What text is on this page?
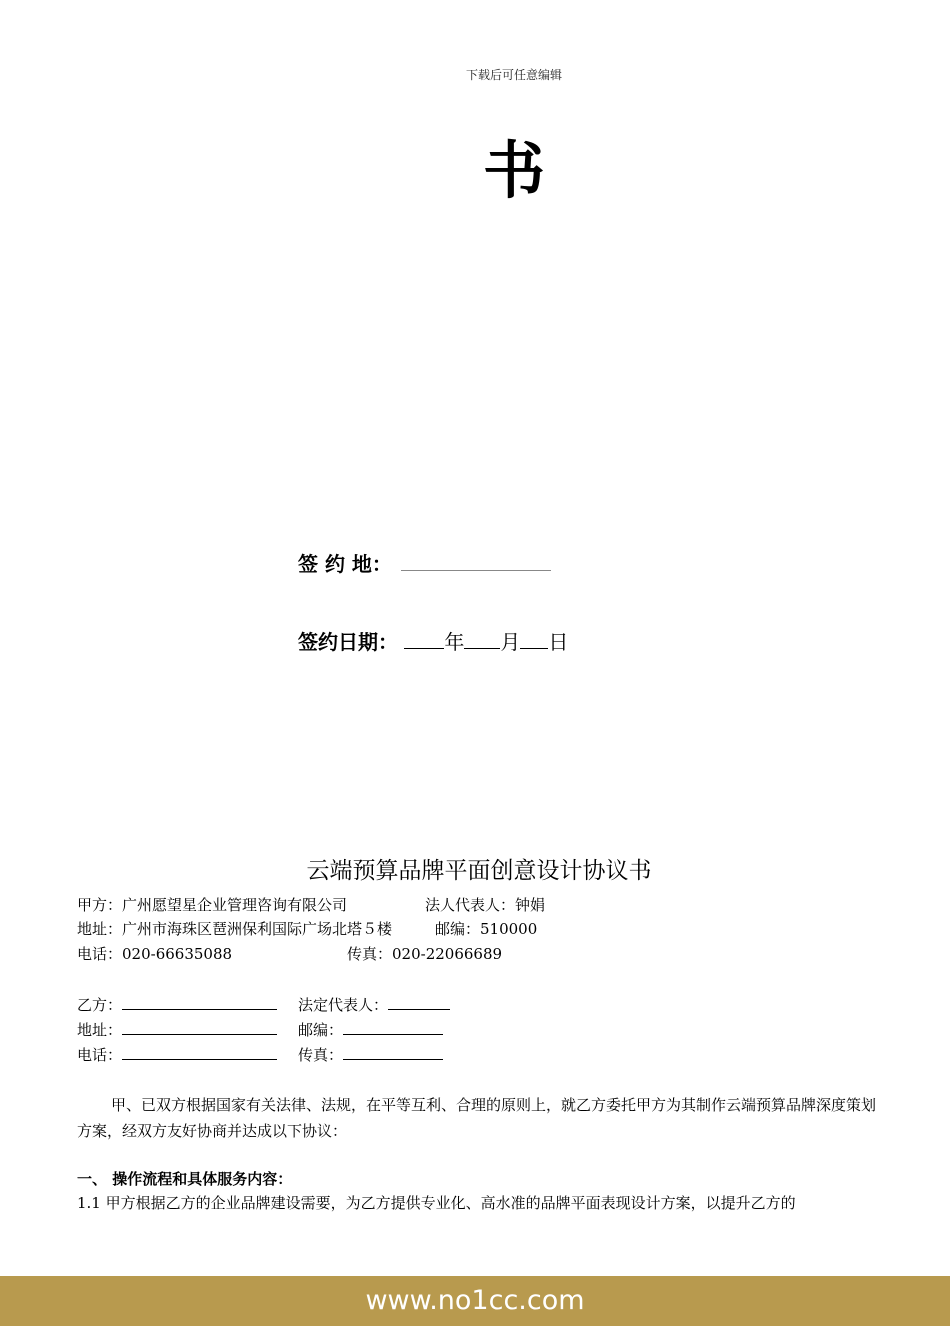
下载后可任意编辑
书
签 约 地：
签约日期： 年 月 日
云端预算品牌平面创意设计协议书
甲方：广州愿望星企业管理咨询有限公司	法人代表人：钟娟
地址：广州市海珠区琶洲保利国际广场北塔５楼	邮编：510000
电话：020-66635088	传真：020-22066689
乙方：	法定代表人：
地址：	邮编：
电话：	传真：
甲、已双方根据国家有关法律、法规，在平等互利、合理的原则上，就乙方委托甲方为其制作云端预算品牌深度策划方案，经双方友好协商并达成以下协议：
一、 操作流程和具体服务内容：
1.1 甲方根据乙方的企业品牌建设需要，为乙方提供专业化、高水准的品牌平面表现设计方案，以提升乙方的
www.no1cc.com
